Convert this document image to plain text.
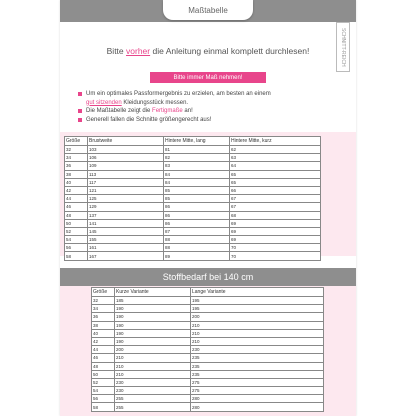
Maßtabelle
SCHNITT-REICH
Bitte vorher die Anleitung einmal komplett durchlesen!
Bitte immer Maß nehmen!
Um ein optimales Passformergebnis zu erzielen, am besten an einem
gut sitzenden Kleidungsstück messen.
Die Maßtabelle zeigt die Fertigmaße an!
Generell fallen die Schnitte größengerecht aus!
Größe	Brustweite	Hintere Mitte, lang	Hintere Mitte, kurz
32	103	81	62
34	106	82	63
36	109	83	64
38	113	84	65
40	117	84	65
42	121	85	66
44	125	85	67
46	129	86	67
48	137	86	68
50	141	86	69
52	145	87	69
54	155	88	69
56	161	88	70
58	167	89	70
Stoffbedarf bei 140 cm
Größe	Kurze Variante	Lange Variante
32	185	195
34	190	195
36	190	200
38	190	210
40	190	210
42	190	210
44	200	230
46	210	235
48	210	235
50	210	235
52	230	275
54	230	275
56	255	280
58	255	280
